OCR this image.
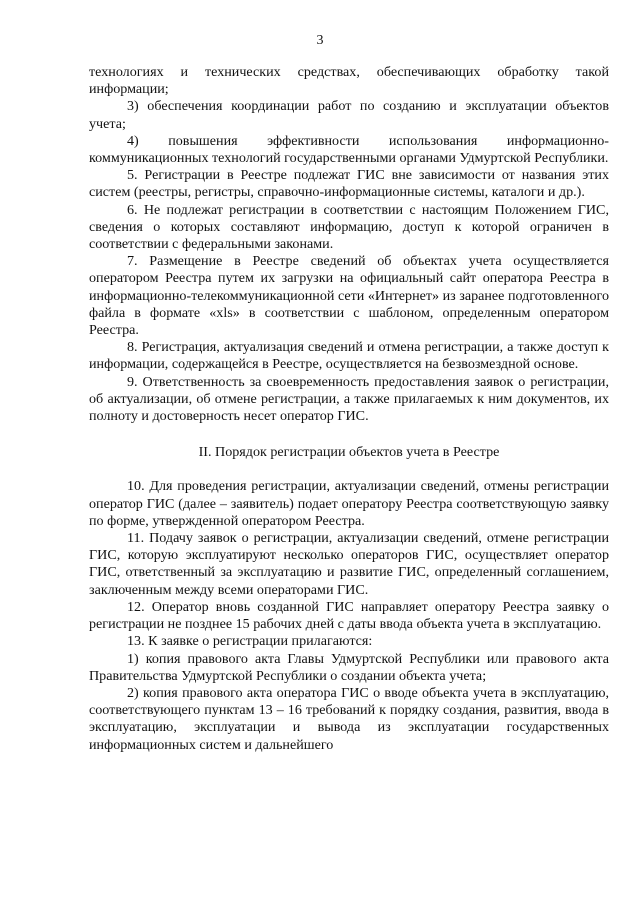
3

технологиях и технических средствах, обеспечивающих обработку такой информации;

3) обеспечения координации работ по созданию и эксплуатации объектов учета;

4) повышения эффективности использования информационно-коммуникационных технологий государственными органами Удмуртской Республики.

5. Регистрации в Реестре подлежат ГИС вне зависимости от названия этих систем (реестры, регистры, справочно-информационные системы, каталоги и др.).

6. Не подлежат регистрации в соответствии с настоящим Положением ГИС, сведения о которых составляют информацию, доступ к которой ограничен в соответствии с федеральными законами.

7. Размещение в Реестре сведений об объектах учета осуществляется оператором Реестра путем их загрузки на официальный сайт оператора Реестра в информационно-телекоммуникационной сети «Интернет» из заранее подготовленного файла в формате «xls» в соответствии с шаблоном, определенным оператором Реестра.

8. Регистрация, актуализация сведений и отмена регистрации, а также доступ к информации, содержащейся в Реестре, осуществляется на безвозмездной основе.

9. Ответственность за своевременность предоставления заявок о регистрации, об актуализации, об отмене регистрации, а также прилагаемых к ним документов, их полноту и достоверность несет оператор ГИС.

II. Порядок регистрации объектов учета в Реестре

10. Для проведения регистрации, актуализации сведений, отмены регистрации оператор ГИС (далее – заявитель) подает оператору Реестра соответствующую заявку по форме, утвержденной оператором Реестра.

11. Подачу заявок о регистрации, актуализации сведений, отмене регистрации ГИС, которую эксплуатируют несколько операторов ГИС, осуществляет оператор ГИС, ответственный за эксплуатацию и развитие ГИС, определенный соглашением, заключенным между всеми операторами ГИС.

12. Оператор вновь созданной ГИС направляет оператору Реестра заявку о регистрации не позднее 15 рабочих дней с даты ввода объекта учета в эксплуатацию.

13. К заявке о регистрации прилагаются:

1) копия правового акта Главы Удмуртской Республики или правового акта Правительства Удмуртской Республики о создании объекта учета;

2) копия правового акта оператора ГИС о вводе объекта учета в эксплуатацию, соответствующего пунктам 13 – 16 требований к порядку создания, развития, ввода в эксплуатацию, эксплуатации и вывода из эксплуатации государственных информационных систем и дальнейшего
